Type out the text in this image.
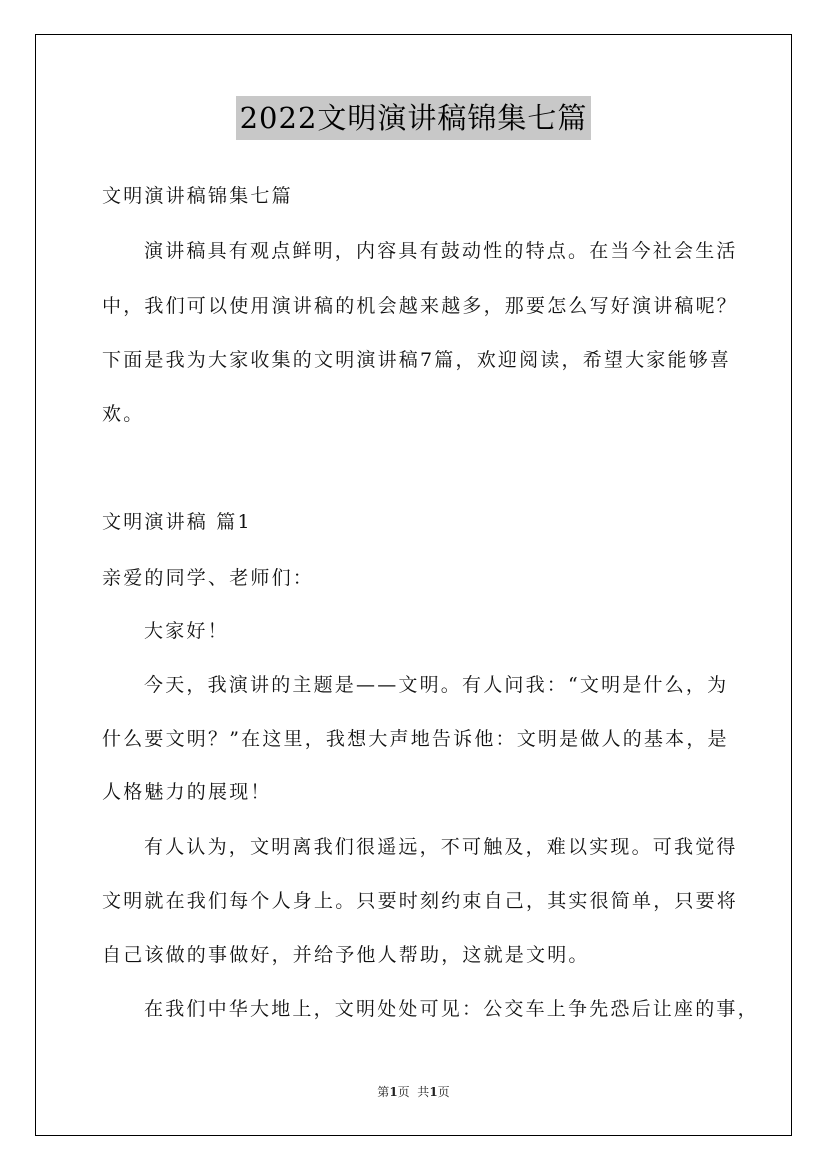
2022文明演讲稿锦集七篇
文明演讲稿锦集七篇
演讲稿具有观点鲜明，内容具有鼓动性的特点。在当今社会生活
中，我们可以使用演讲稿的机会越来越多，那要怎么写好演讲稿呢？
下面是我为大家收集的文明演讲稿7篇，欢迎阅读，希望大家能够喜
欢。
文明演讲稿 篇1
亲爱的同学、老师们：
大家好！
今天，我演讲的主题是——文明。有人问我：“文明是什么，为
什么要文明？”在这里，我想大声地告诉他：文明是做人的基本，是
人格魅力的展现！
有人认为，文明离我们很遥远，不可触及，难以实现。可我觉得
文明就在我们每个人身上。只要时刻约束自己，其实很简单，只要将
自己该做的事做好，并给予他人帮助，这就是文明。
在我们中华大地上，文明处处可见：公交车上争先恐后让座的事，
第1页  共1页
